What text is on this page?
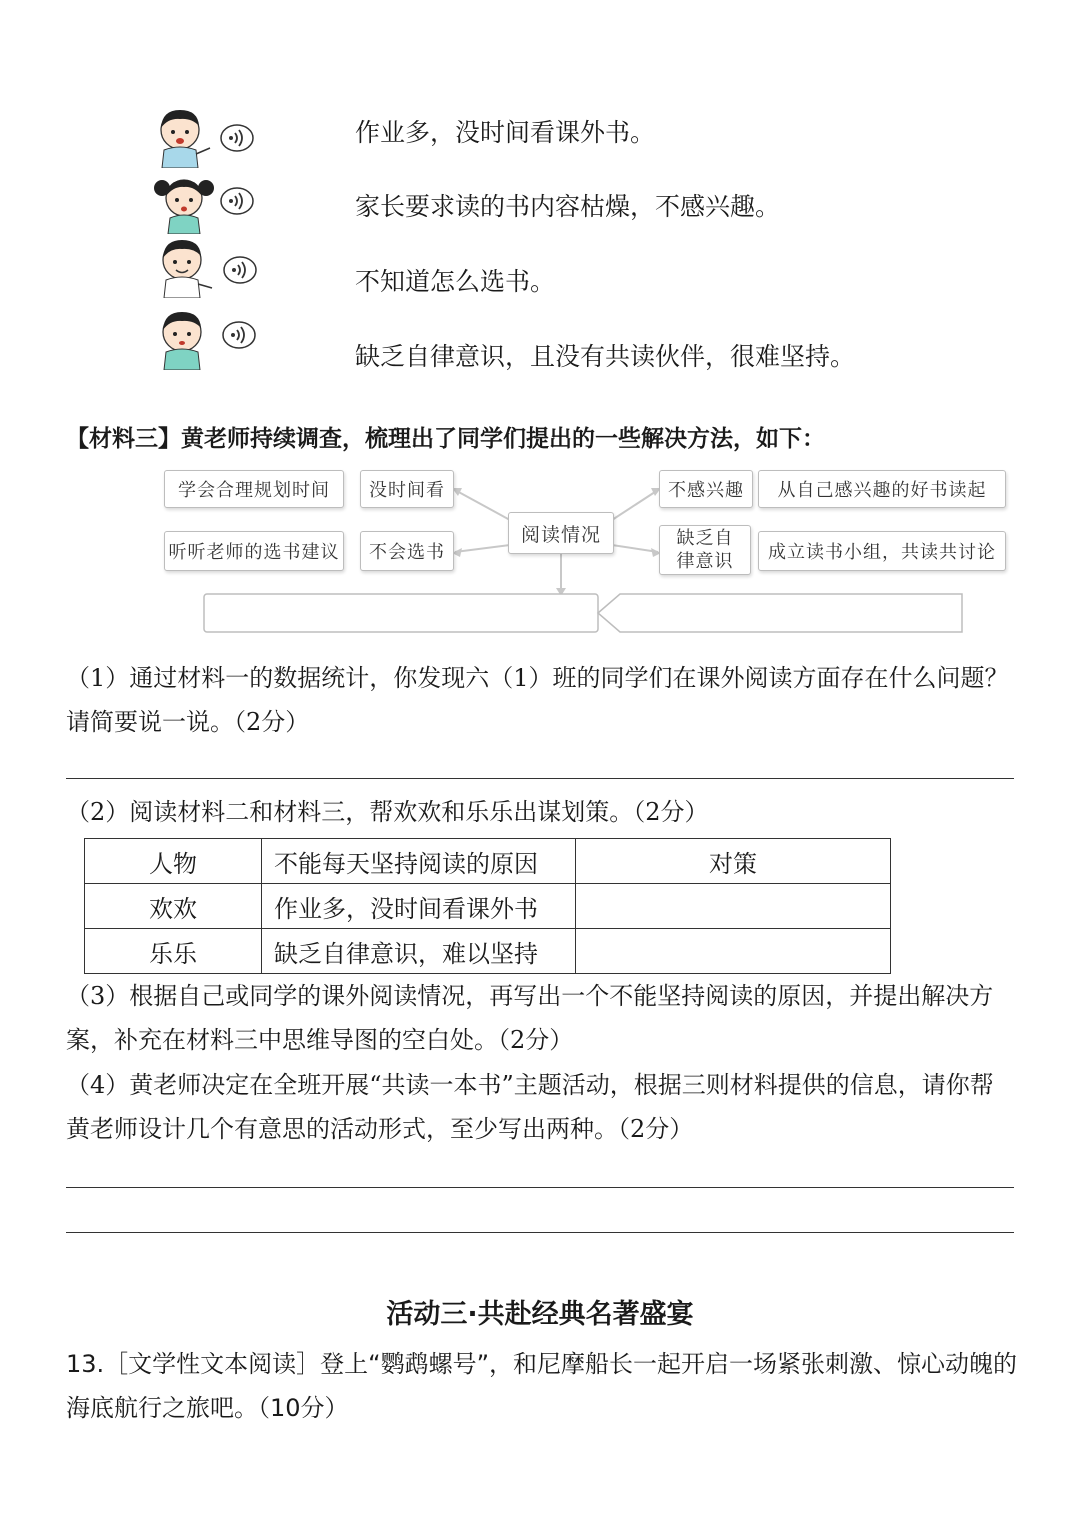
作业多，没时间看课外书。
家长要求读的书内容枯燥，不感兴趣。
不知道怎么选书。
缺乏自律意识，且没有共读伙伴，很难坚持。
【材料三】黄老师持续调查，梳理出了同学们提出的一些解决方法，如下：
学会合理规划时间	没时间看
听听老师的选书建议	不会选书
阅读情况
不感兴趣	从自己感兴趣的好书读起
缺乏自律意识	成立读书小组，共读共讨论
（1）通过材料一的数据统计，你发现六（1）班的同学们在课外阅读方面存在什么问题？请简要说一说。（2分）
（2）阅读材料二和材料三，帮欢欢和乐乐出谋划策。（2分）
人物	不能每天坚持阅读的原因	对策
欢欢	作业多，没时间看课外书	
乐乐	缺乏自律意识，难以坚持	
（3）根据自己或同学的课外阅读情况，再写出一个不能坚持阅读的原因，并提出解决方案，补充在材料三中思维导图的空白处。（2分）
（4）黄老师决定在全班开展“共读一本书”主题活动，根据三则材料提供的信息，请你帮黄老师设计几个有意思的活动形式，至少写出两种。（2分）
活动三·共赴经典名著盛宴
13.［文学性文本阅读］登上“鹦鹉螺号”，和尼摩船长一起开启一场紧张刺激、惊心动魄的海底航行之旅吧。（10分）
